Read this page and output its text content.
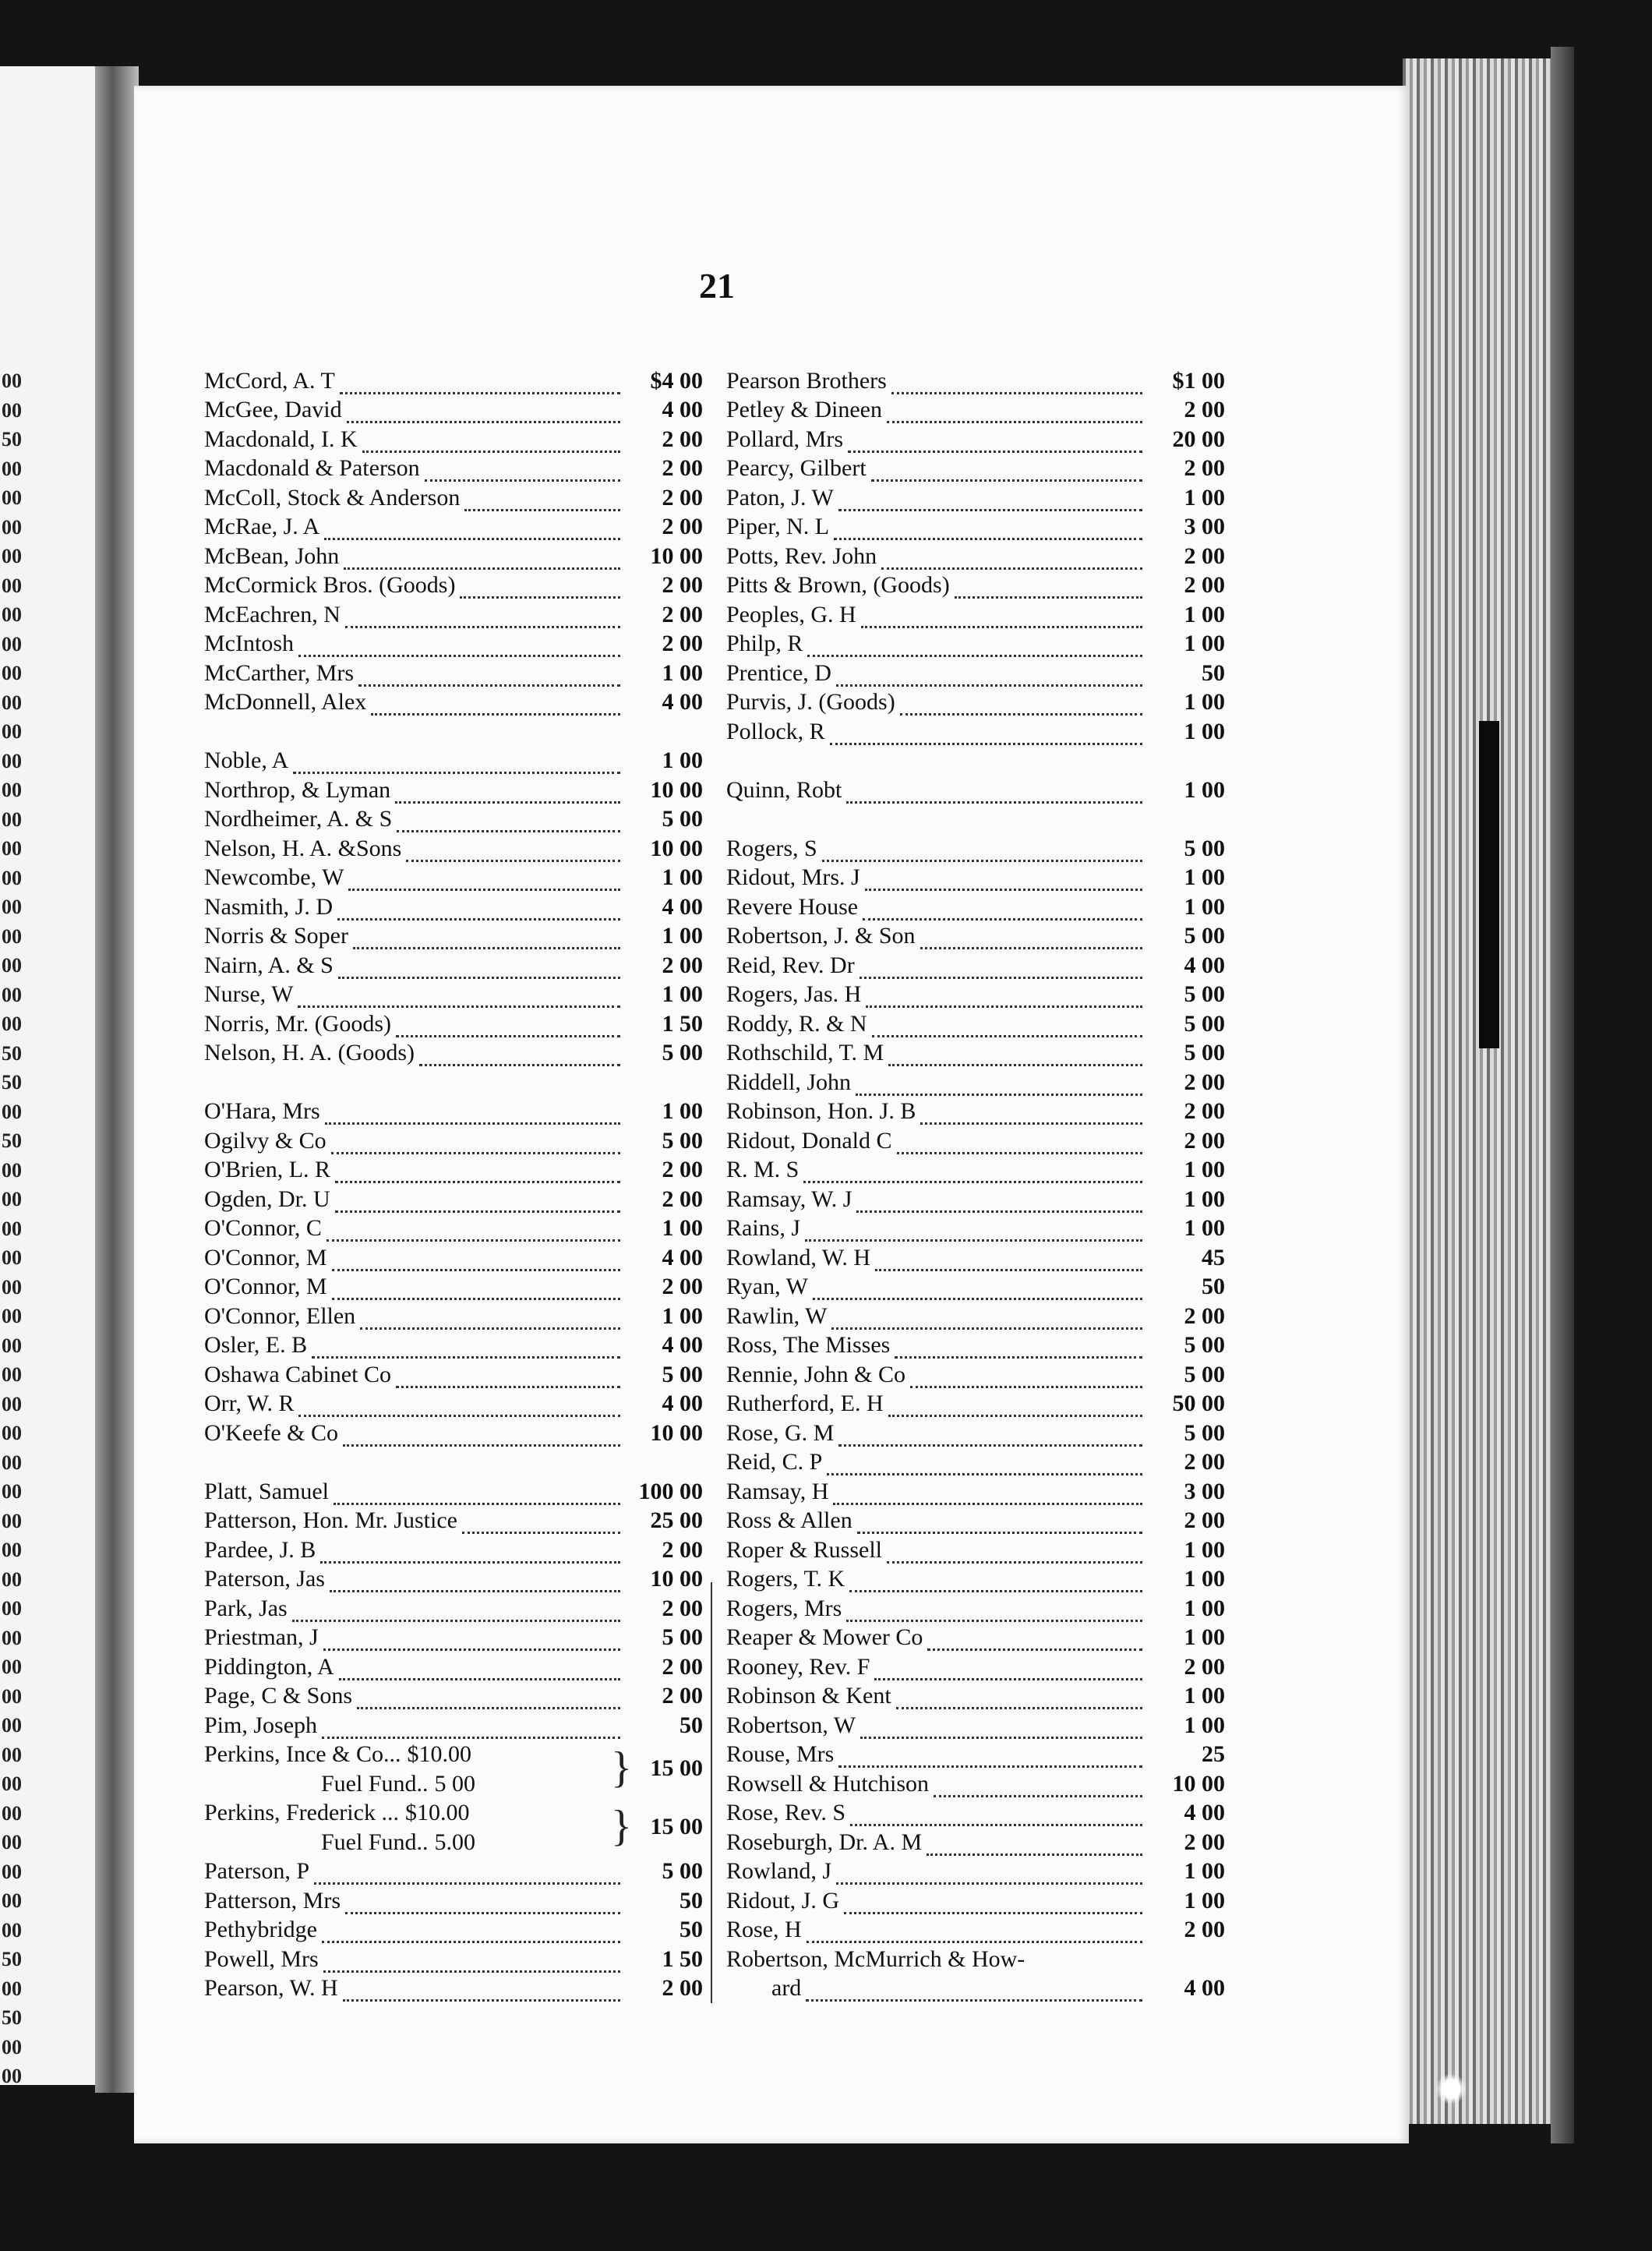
00
00
50
00
00
00
00
00
00
00
00
00
00
00
00
00
00
00
00
00
00
00
00
50
50
00
50
00
00
00
00
00
00
00
00
00
00
00
00
00
00
00
00
00
00
00
00
00
00
00
00
00
00
00
50
00
50
00
00
21
McCord, A. T	$4 00
McGee, David	4 00
Macdonald, I. K	2 00
Macdonald & Paterson	2 00
McColl, Stock & Anderson	2 00
McRae, J. A	2 00
McBean, John	10 00
McCormick Bros. (Goods)	2 00
McEachren, N	2 00
McIntosh	2 00
McCarther, Mrs	1 00
McDonnell, Alex	4 00
Noble, A	1 00
Northrop, & Lyman	10 00
Nordheimer, A. & S	5 00
Nelson, H. A. &Sons	10 00
Newcombe, W	1 00
Nasmith, J. D	4 00
Norris & Soper	1 00
Nairn, A. & S	2 00
Nurse, W	1 00
Norris, Mr. (Goods)	1 50
Nelson, H. A. (Goods)	5 00
O'Hara, Mrs	1 00
Ogilvy & Co	5 00
O'Brien, L. R	2 00
Ogden, Dr. U	2 00
O'Connor, C	1 00
O'Connor, M	4 00
O'Connor, M	2 00
O'Connor, Ellen	1 00
Osler, E. B	4 00
Oshawa Cabinet Co	5 00
Orr, W. R	4 00
O'Keefe & Co	10 00
Platt, Samuel	100 00
Patterson, Hon. Mr. Justice	25 00
Pardee, J. B	2 00
Paterson, Jas	10 00
Park, Jas	2 00
Priestman, J	5 00
Piddington, A	2 00
Page, C & Sons	2 00
Pim, Joseph	50
Perkins, Ince & Co... $10.00
Fuel Fund.. 5 00	} 15 00
Perkins, Frederick ... $10.00
Fuel Fund.. 5.00	} 15 00
Paterson, P	5 00
Patterson, Mrs	50
Pethybridge	50
Powell, Mrs	1 50
Pearson, W. H	2 00
Pearson Brothers	$1 00
Petley & Dineen	2 00
Pollard, Mrs	20 00
Pearcy, Gilbert	2 00
Paton, J. W	1 00
Piper, N. L	3 00
Potts, Rev. John	2 00
Pitts & Brown, (Goods)	2 00
Peoples, G. H	1 00
Philp, R	1 00
Prentice, D	50
Purvis, J. (Goods)	1 00
Pollock, R	1 00
Quinn, Robt	1 00
Rogers, S	5 00
Ridout, Mrs. J	1 00
Revere House	1 00
Robertson, J. & Son	5 00
Reid, Rev. Dr	4 00
Rogers, Jas. H	5 00
Roddy, R. & N	5 00
Rothschild, T. M	5 00
Riddell, John	2 00
Robinson, Hon. J. B	2 00
Ridout, Donald C	2 00
R. M. S	1 00
Ramsay, W. J	1 00
Rains, J	1 00
Rowland, W. H	45
Ryan, W	50
Rawlin, W	2 00
Ross, The Misses	5 00
Rennie, John & Co	5 00
Rutherford, E. H	50 00
Rose, G. M	5 00
Reid, C. P	2 00
Ramsay, H	3 00
Ross & Allen	2 00
Roper & Russell	1 00
Rogers, T. K	1 00
Rogers, Mrs	1 00
Reaper & Mower Co	1 00
Rooney, Rev. F	2 00
Robinson & Kent	1 00
Robertson, W	1 00
Rouse, Mrs	25
Rowsell & Hutchison	10 00
Rose, Rev. S	4 00
Roseburgh, Dr. A. M	2 00
Rowland, J	1 00
Ridout, J. G	1 00
Rose, H	2 00
Robertson, McMurrich & How-
ard	4 00
